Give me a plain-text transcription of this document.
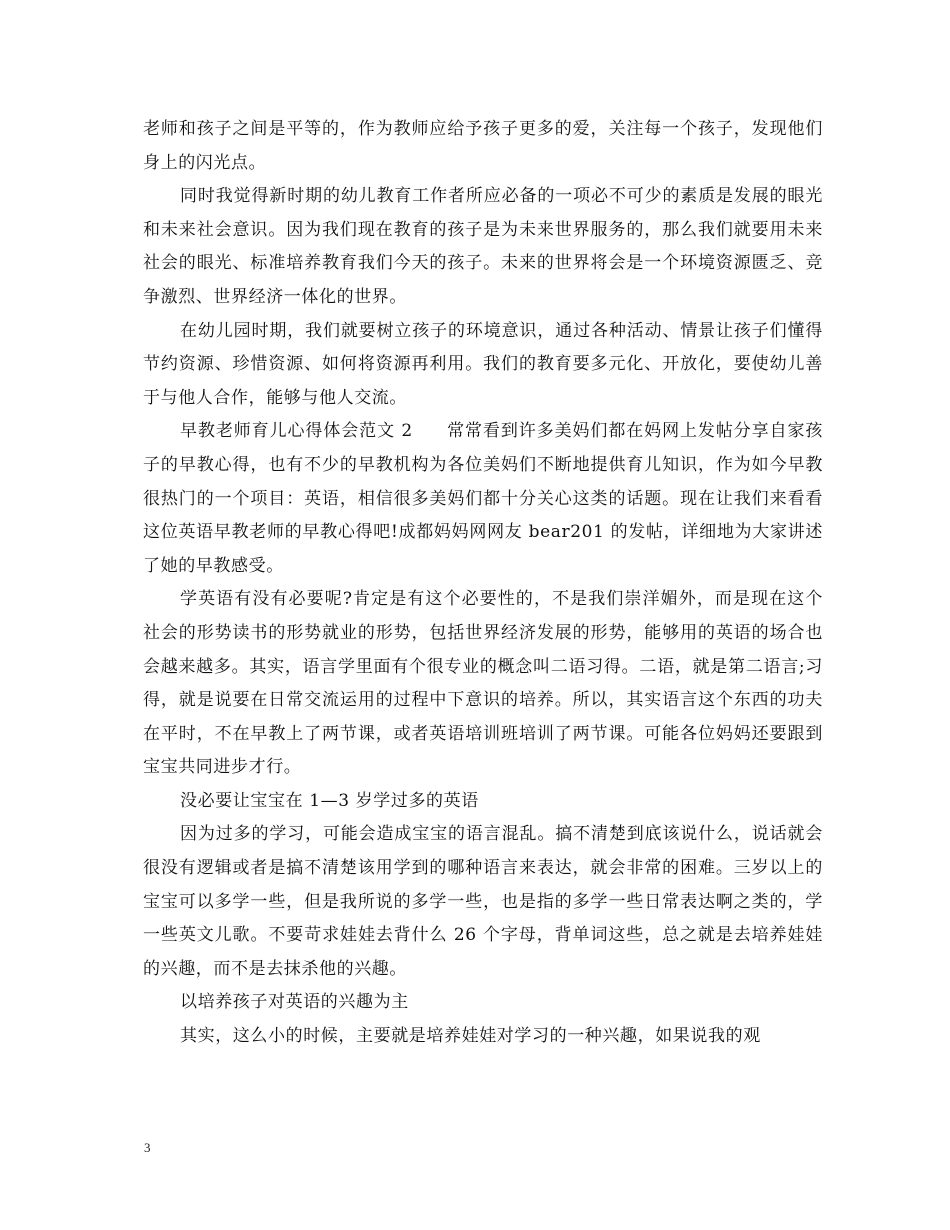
老师和孩子之间是平等的，作为教师应给予孩子更多的爱，关注每一个孩子，发现他们身上的闪光点。

同时我觉得新时期的幼儿教育工作者所应必备的一项必不可少的素质是发展的眼光和未来社会意识。因为我们现在教育的孩子是为未来世界服务的，那么我们就要用未来社会的眼光、标准培养教育我们今天的孩子。未来的世界将会是一个环境资源匮乏、竞争激烈、世界经济一体化的世界。

在幼儿园时期，我们就要树立孩子的环境意识，通过各种活动、情景让孩子们懂得节约资源、珍惜资源、如何将资源再利用。我们的教育要多元化、开放化，要使幼儿善于与他人合作，能够与他人交流。

早教老师育儿心得体会范文 2 常常看到许多美妈们都在妈网上发帖分享自家孩子的早教心得，也有不少的早教机构为各位美妈们不断地提供育儿知识，作为如今早教很热门的一个项目：英语，相信很多美妈们都十分关心这类的话题。现在让我们来看看这位英语早教老师的早教心得吧!成都妈妈网网友 bear201 的发帖，详细地为大家讲述了她的早教感受。

学英语有没有必要呢?肯定是有这个必要性的，不是我们崇洋媚外，而是现在这个社会的形势读书的形势就业的形势，包括世界经济发展的形势，能够用的英语的场合也会越来越多。其实，语言学里面有个很专业的概念叫二语习得。二语，就是第二语言;习得，就是说要在日常交流运用的过程中下意识的培养。所以，其实语言这个东西的功夫在平时，不在早教上了两节课，或者英语培训班培训了两节课。可能各位妈妈还要跟到宝宝共同进步才行。

没必要让宝宝在 1—3 岁学过多的英语

因为过多的学习，可能会造成宝宝的语言混乱。搞不清楚到底该说什么，说话就会很没有逻辑或者是搞不清楚该用学到的哪种语言来表达，就会非常的困难。三岁以上的宝宝可以多学一些，但是我所说的多学一些，也是指的多学一些日常表达啊之类的，学一些英文儿歌。不要苛求娃娃去背什么 26 个字母，背单词这些，总之就是去培养娃娃的兴趣，而不是去抹杀他的兴趣。

以培养孩子对英语的兴趣为主

其实，这么小的时候，主要就是培养娃娃对学习的一种兴趣，如果说我的观

3
